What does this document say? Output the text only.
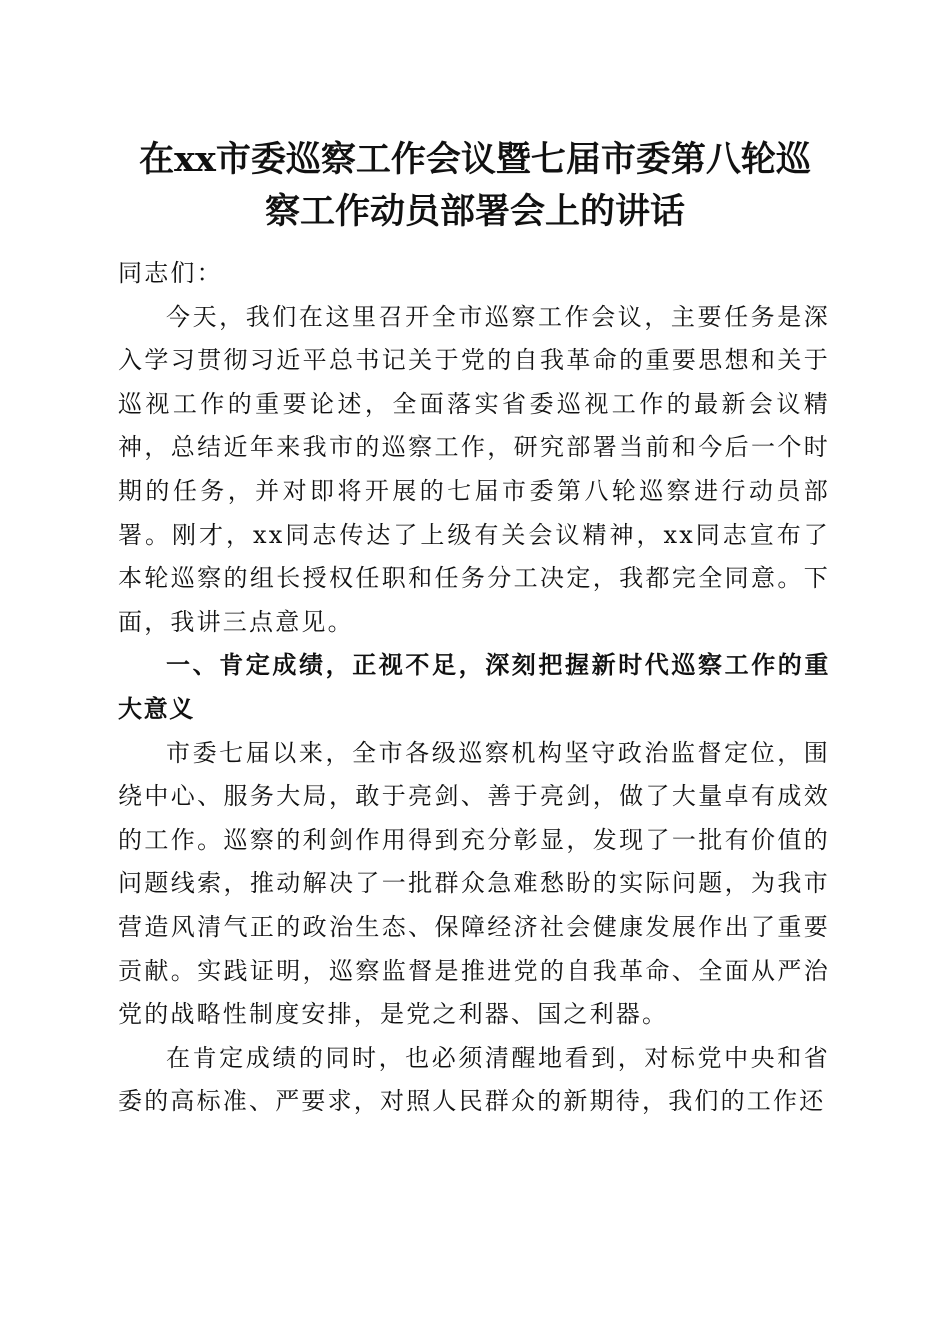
在xx市委巡察工作会议暨七届市委第八轮巡
察工作动员部署会上的讲话

同志们：

今天，我们在这里召开全市巡察工作会议，主要任务是深入学习贯彻习近平总书记关于党的自我革命的重要思想和关于巡视工作的重要论述，全面落实省委巡视工作的最新会议精神，总结近年来我市的巡察工作，研究部署当前和今后一个时期的任务，并对即将开展的七届市委第八轮巡察进行动员部署。刚才，xx同志传达了上级有关会议精神，xx同志宣布了本轮巡察的组长授权任职和任务分工决定，我都完全同意。下面，我讲三点意见。

一、肯定成绩，正视不足，深刻把握新时代巡察工作的重大意义

市委七届以来，全市各级巡察机构坚守政治监督定位，围绕中心、服务大局，敢于亮剑、善于亮剑，做了大量卓有成效的工作。巡察的利剑作用得到充分彰显，发现了一批有价值的问题线索，推动解决了一批群众急难愁盼的实际问题，为我市营造风清气正的政治生态、保障经济社会健康发展作出了重要贡献。实践证明，巡察监督是推进党的自我革命、全面从严治党的战略性制度安排，是党之利器、国之利器。

在肯定成绩的同时，也必须清醒地看到，对标党中央和省委的高标准、严要求，对照人民群众的新期待，我们的工作还
